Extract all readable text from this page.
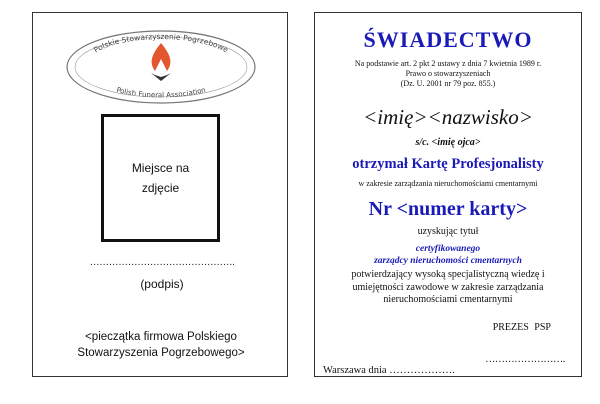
Polskie Stowarzyszenie Pogrzebowe
Polish Funeral Association
Miejsce na
zdjęcie
……………………………………….
(podpis)
<pieczątka firmowa Polskiego
Stowarzyszenia Pogrzebowego>
ŚWIADECTWO
Na podstawie art. 2 pkt 2 ustawy z dnia 7 kwietnia 1989 r.
Prawo o stowarzyszeniach
(Dz. U. 2001 nr 79 poz. 855.)
<imię><nazwisko>
s/c. <imię ojca>
otrzymał Kartę Profesjonalisty
w zakresie zarządzania nieruchomościami cmentarnymi
Nr <numer karty>
uzyskując tytuł
certyfikowanego
zarządcy nieruchomości cmentarnych
potwierdzający wysoką specjalistyczną wiedzę i
umiejętności zawodowe w zakresie zarządzania
nieruchomościami cmentarnymi
PREZES PSP
…………………….
Warszawa dnia ……………….
